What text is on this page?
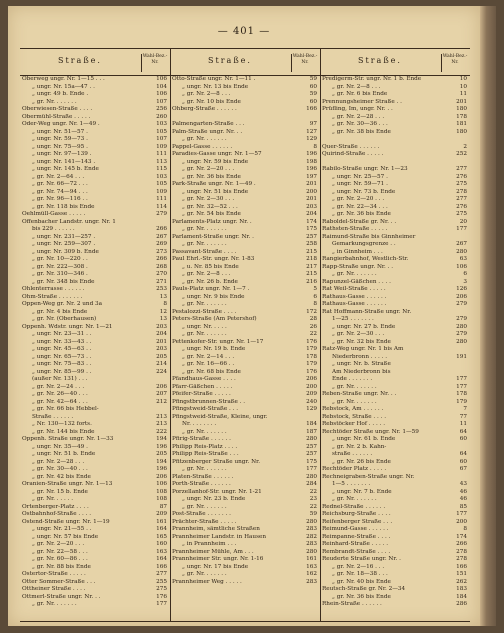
— 401 —
Straße.	Wahl-Bez.-Nr.
Oberweg ungr. Nr. 1—15 . . .	106
„ ungr. Nr. 15a—47 . .	104
„ ungr. 49 b. Ende .	106
„ gr. Nr. . . . . . .	107
Oberwiesen-Straße . . . .	256
Obermühl-Straße . . . . .	260
Oder-Weg ungr. Nr. 1—49 .	103
„ ungr. Nr. 51—57 .	105
„ ungr. Nr. 59—73 .	107
„ ungr. Nr. 75—95 .	109
„ ungr. Nr. 97—139 .	111
„ ungr. Nr. 141—143 .	113
„ ungr. Nr. 145 b. Ende	115
„ gr. Nr. 2—64 . . .	103
„ gr. Nr. 66—72 . . .	105
„ gr. Nr. 74—94 . . .	109
„ gr. Nr. 96—116 . .	111
„ gr. Nr. 118 bis Ende	114
Oehlmüll-Gasse . . . . .	279
Offenbacher Landstr. ungr. Nr. 1
bis 229 . . . . . .	266
„ ungr. Nr. 231—257 .	267
„ ungr. Nr. 259—307 .	269
„ ungr. Nr. 309 b. Ende	273
„ gr. Nr. 10—220 . .	266
„ gr. Nr. 222—308 .	268
„ gr. Nr. 310—346 .	270
„ gr. Nr. 348 bis Ende	271
Ohlenterrasse . . . . . .	253
Ohm-Straße . . . . . . .	13
Oppen-Weg gr. Nr. 2 und 3a	8
„ gr. Nr. 4 bis Ende	12
„ gr. Nr. (Oberhausen)	13
Oppenh. Wdstr. ungr. Nr. 1—21	203
„ ungr. Nr. 23—31 . .	204
„ ungr. Nr. 33—43 . .	201
„ ungr. Nr. 45—63 . .	203
„ ungr. Nr. 65—73 . .	205
„ ungr. Nr. 75—83 . .	214
„ ungr. Nr. 85—99 . .	224
(außer Nr. 131) . . .
„ gr. Nr. 2—24 . . .	206
„ gr. Nr. 26—40 . . .	207
„ gr. Nr. 42—64 . . .	212
„ gr. Nr. 66 bis Hebbel-
Straße . . . . . .	213
„ Nr. 130—132 forts.	213
„ gr. Nr. 144 bis Ende	222
Oppenh. Straße ungr. Nr. 1—33	194
„ ungr. Nr. 35—49 .	196
„ ungr. Nr. 51 b. Ende	205
„ gr. Nr. 2—28 . . .	194
„ gr. Nr. 30—40 . . .	196
„ gr. Nr. 42 bis Ende	206
Oranien-Straße ungr. Nr. 1—13	106
„ gr. Nr. 15 b. Ende	108
„ gr. Nr. . . . . .	108
Ortenberger-Platz . . . .	87
Ostbahnhof-Straße . . . .	209
Ostend-Straße ungr. Nr. 1—19	161
„ ungr. Nr. 21—55 . .	164
„ ungr. Nr. 57 bis Ende	165
„ gr. Nr. 2—20 . . .	160
„ gr. Nr. 22—58 . . .	163
„ gr. Nr. 60—86 . . .	164
„ gr. Nr. 88 bis Ende	166
Ostertor-Straße . . . . .	277
Otter Sommer-Straße . . .	255
Ottheiner Straße . . . .	275
Ottmerl-Straße ungr. Nr. . .	176
„ gr. Nr. . . . . . .	177
Straße.	Wahl-Bez.-Nr.
Otto-Straße ungr. Nr. 1—11 .	59
„ ungr. Nr. 13 bis Ende	60
„ gr. Nr. 2—8 . . .	59
„ gr. Nr. 10 bis Ende	60
Ohberg-Straße . . . . . .	166
Palmengarten-Straße . . .	97
Palm-Straße ungr. Nr. . .	127
„ gr. Nr. . . . . . .	129
Pappel-Gasse . . . . . .	8
Paradies-Gasse ungr. Nr. 1—57	196
„ ungr. Nr. 59 bis Ende	198
„ gr. Nr. 2—20 . . .	196
„ gr. Nr. 36 bis Ende	197
Park-Straße ungr. Nr. 1—49 .	201
„ ungr. Nr. 51 bis Ende	200
„ gr. Nr. 2—30 . . .	201
„ gr. Nr. 32—52 . . .	203
„ gr. Nr. 54 bis Ende	204
Parlaments-Platz ungr. Nr. .	174
„ gr. Nr. . . . . . .	175
Parlament-Straße ungr. Nr. .	257
„ gr. Nr. . . . . . .	258
Passavant-Straße . . . .	215
Paul Ehrl.-Str. ungr. Nr. 1-83	218
„ u. Nr. 85 bis Ende	217
„ gr. Nr. 2—8 . . .	215
„ gr. Nr. 26 b. Ende	216
Pauls-Platz ungr. Nr. 1—7 .	5
„ ungr. Nr. 9 bis Ende	6
„ gr. Nr. . . . . . .	8
Pestalozzi-Straße . . . .	172
Peters-Straße (Am Petershof)	28
„ ungr. Nr. . . . .	26
„ gr. Nr. . . . . . .	22
Pettenkofer-Str. ungr. Nr. 1—17	176
„ ungr. Nr. 19 b. Ende	179
„ gr. Nr. 2—14 . . .	178
„ gr. Nr. 16—66 . .	179
„ gr. Nr. 68 bis Ende	176
Pfandhaus-Gasse . . . .	206
Pfarr-Gäßchen . . . . .	200
Pfeifer-Straße . . . . .	209
Pfingstbrunnen-Straße . .	240
Pfingstweid-Straße . . .	129
Pfingstweid-Straße, Kleine, ungr.
Nr. . . . . . . .	184
„ gr. Nr. . . . . . .	187
Pfirig-Straße . . . . . .	280
Philipp Reis-Platz . . . .	257
Philipp Reis-Straße . . .	257
Pfitzenberger Straße ungr. Nr.	175
„ gr. Nr. . . . . . .	177
Platen-Straße . . . . . .	280
Porth-Straße . . . . . .	284
Porzellanhof-Str. ungr. Nr. 1-21	22
„ ungr. Nr. 23 b. Ende	23
„ gr. Nr. . . . . . .	22
Post-Straße . . . . . . .	59
Prächter-Straße . . . . .	280
Prannheim, sämtliche Straßen	283
Prannheimer Landstr. in Hausen	282
„ in Prannheim . . .	283
Prannheimer Mühle, Am . . .	280
Prannheimer Str. ungr. Nr. 1-16	161
„ ungr. Nr. 17 bis Ende	163
„ gr. Nr. . . . . . .	162
Prannheimer Weg . . . . .	283
Straße.	Wahl-Bez.-Nr.
Predigerm-Str. ungr. Nr. 1 b. Ende	10
„ gr. Nr. 2—8 . . .	10
„ gr. Nr. 6 bis Ende	11
Prennungsheimer Straße . .	201
Prüfling, Im, ungr. Nr. . .	180
„ gr. Nr. 2—28 . . .	178
„ gr. Nr. 30—36 . . .	181
„ gr. Nr. 38 bis Ende	180
Quer-Straße . . . . . .	2
Quirind-Straße . . . . .	252
Rabilo-Straße ungr. Nr. 1—23	277
„ ungr. Nr. 25—57 .	276
„ ungr. Nr. 59—71 .	275
„ ungr. Nr. 73 b. Ende	278
„ gr. Nr. 2—20 . . .	277
„ gr. Nr. 22—34 . . .	276
„ gr. Nr. 36 bis Ende	275
Raboldel-Straße gr. Nr. . .	20
Rathsten-Straße . . . . .	177
Raimund-Straße bis Ginnheimer
Gemarkungsgrenze . .	267
„ in Ginnheim . . .	280
Rangierbahnhof, Westlich-Str.	63
Rapp-Straße ungr. Nr. . .	106
„ gr. Nr. . . . . . .	6
Rapunzel-Gäßchen . . . .	3
Rat Weil-Straße . . . . .	126
Rathaus-Gasse . . . . . .	206
Rathaus-Gasse . . . . . .	279
Rat Hoffmann-Straße ungr. Nr.
1—25 . . . . . . .	279
„ ungr. Nr. 27 b. Ende	280
„ gr. Nr. 2—30 . . .	279
„ gr. Nr. 32 bis Ende	280
Ratz-Weg ungr. Nr. 1 bis Am
Niederbronn . . . . .	191
„ ungr. Nr. b. Straße
Am Niederbronn bis
Ende . . . . . . .	177
„ gr. Nr. . . . . . .	177
Reben-Straße ungr. Nr. . .	178
„ gr. Nr. . . . . . .	179
Rebstock, Am . . . . . .	7
Rebstock, Straße . . . .	77
Rebstöcker Hof . . . . .	11
Rechtöder Straße ungr. Nr. 1—59	64
„ ungr. Nr. 61 b. Ende	60
„ gr. Nr. 2 b. Kahn-
straße . . . . . .	64
„ gr. Nr. 26 bis Ende	60
Rechtöder Platz . . . . .	67
Rechneigraben-Straße ungr. Nr.
1—5 . . . . . . .	43
„ ungr. Nr. 7 b. Ende	46
„ gr. Nr. . . . . . .	46
Rednel-Straße . . . . . .	85
Reichsburg-Straße . . . .	177
Reifenberger Straße . . .	200
Reimund-Gasse . . . . . .	8
Reimpanne-Straße . . . .	174
Reinhard-Straße . . . . .	266
Rembrandt-Straße . . . .	278
Reuderte Straße ungr. Nr. .	278
„ gr. Nr. 2—16 . . .	166
„ gr. Nr. 18—38 . . .	151
„ gr. Nr. 40 bis Ende	262
Reutsch-Straße gr. Nr. 2—34	183
„ gr. Nr. 36 bis Ende	184
Rhein-Straße . . . . . .	286
